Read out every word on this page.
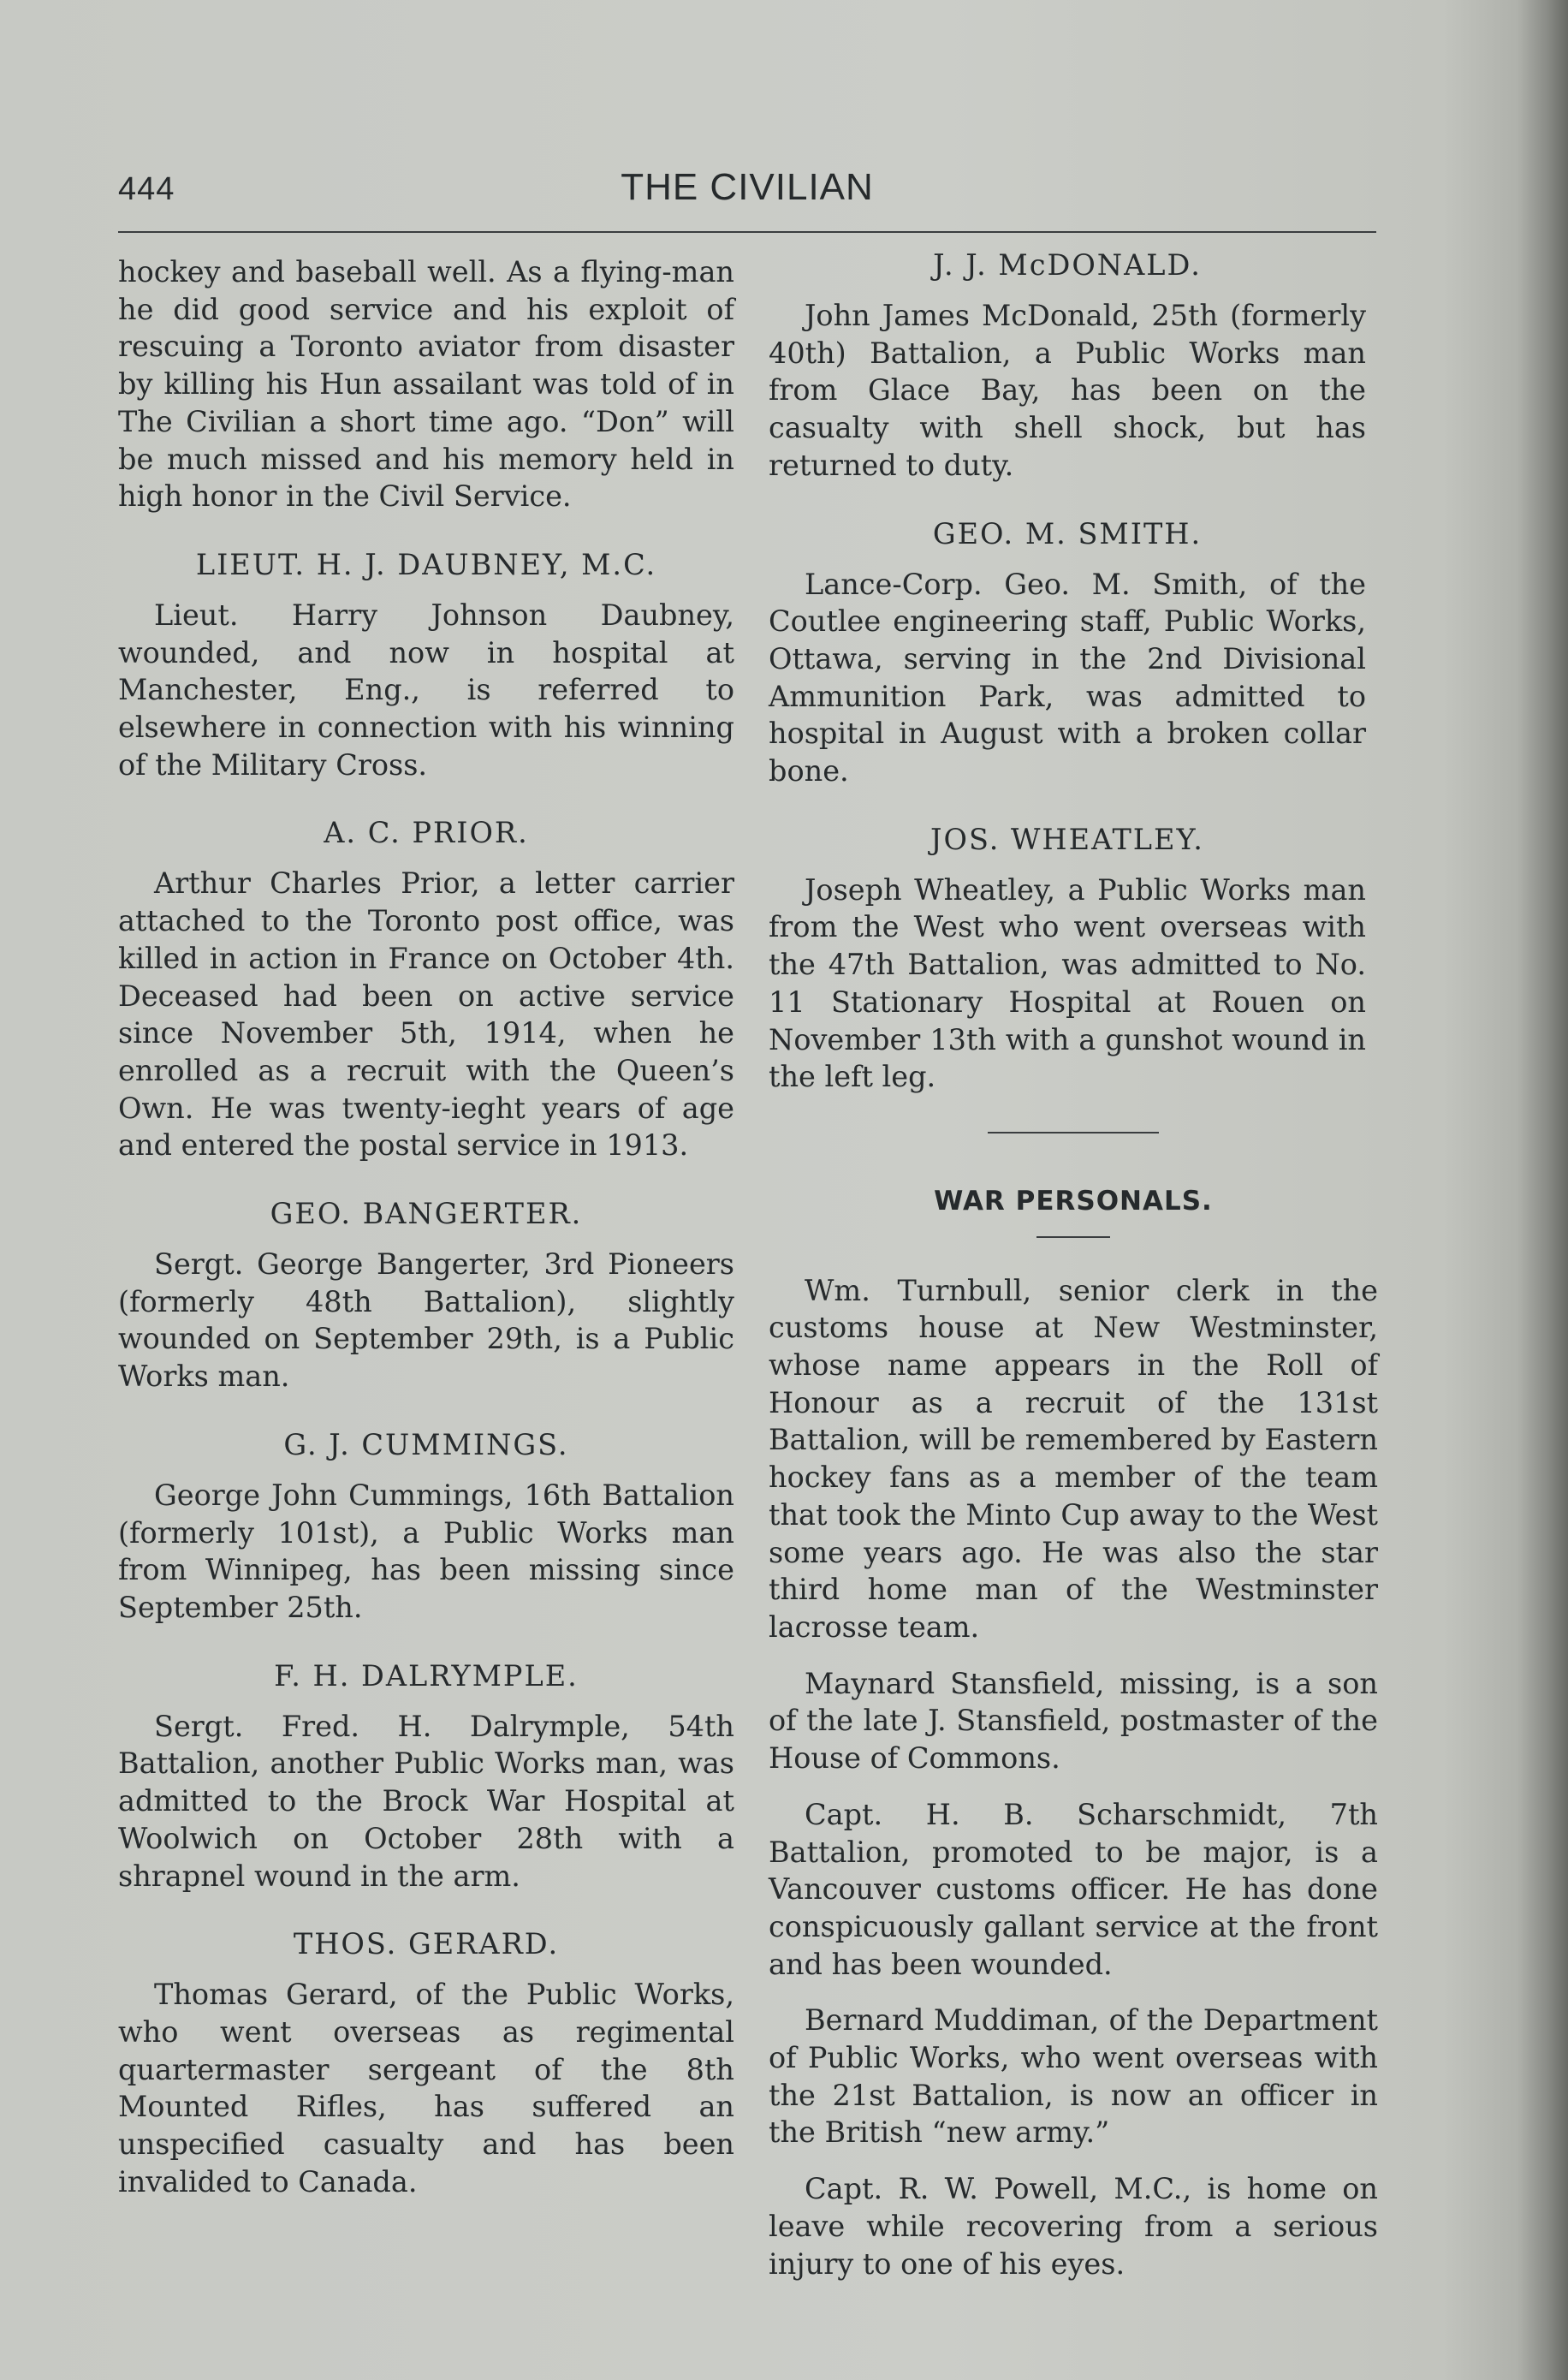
444	THE CIVILIAN

hockey and baseball well. As a flying-man he did good service and his exploit of rescuing a Toronto aviator from disaster by killing his Hun assailant was told of in The Civilian a short time ago. “Don” will be much missed and his memory held in high honor in the Civil Service.

LIEUT. H. J. DAUBNEY, M.C.

Lieut. Harry Johnson Daubney, wounded, and now in hospital at Manchester, Eng., is referred to elsewhere in connection with his winning of the Military Cross.

A. C. PRIOR.

Arthur Charles Prior, a letter carrier attached to the Toronto post office, was killed in action in France on October 4th. Deceased had been on active service since November 5th, 1914, when he enrolled as a recruit with the Queen’s Own. He was twenty-ieght years of age and entered the postal service in 1913.

GEO. BANGERTER.

Sergt. George Bangerter, 3rd Pioneers (formerly 48th Battalion), slightly wounded on September 29th, is a Public Works man.

G. J. CUMMINGS.

George John Cummings, 16th Battalion (formerly 101st), a Public Works man from Winnipeg, has been missing since September 25th.

F. H. DALRYMPLE.

Sergt. Fred. H. Dalrymple, 54th Battalion, another Public Works man, was admitted to the Brock War Hospital at Woolwich on October 28th with a shrapnel wound in the arm.

THOS. GERARD.

Thomas Gerard, of the Public Works, who went overseas as regimental quartermaster sergeant of the 8th Mounted Rifles, has suffered an unspecified casualty and has been invalided to Canada.

J. J. McDONALD.

John James McDonald, 25th (formerly 40th) Battalion, a Public Works man from Glace Bay, has been on the casualty with shell shock, but has returned to duty.

GEO. M. SMITH.

Lance-Corp. Geo. M. Smith, of the Coutlee engineering staff, Public Works, Ottawa, serving in the 2nd Divisional Ammunition Park, was admitted to hospital in August with a broken collar bone.

JOS. WHEATLEY.

Joseph Wheatley, a Public Works man from the West who went overseas with the 47th Battalion, was admitted to No. 11 Stationary Hospital at Rouen on November 13th with a gunshot wound in the left leg.

WAR PERSONALS.

Wm. Turnbull, senior clerk in the customs house at New Westminster, whose name appears in the Roll of Honour as a recruit of the 131st Battalion, will be remembered by Eastern hockey fans as a member of the team that took the Minto Cup away to the West some years ago. He was also the star third home man of the Westminster lacrosse team.

Maynard Stansfield, missing, is a son of the late J. Stansfield, postmaster of the House of Commons.

Capt. H. B. Scharschmidt, 7th Battalion, promoted to be major, is a Vancouver customs officer. He has done conspicuously gallant service at the front and has been wounded.

Bernard Muddiman, of the Department of Public Works, who went overseas with the 21st Battalion, is now an officer in the British “new army.”

Capt. R. W. Powell, M.C., is home on leave while recovering from a serious injury to one of his eyes.
